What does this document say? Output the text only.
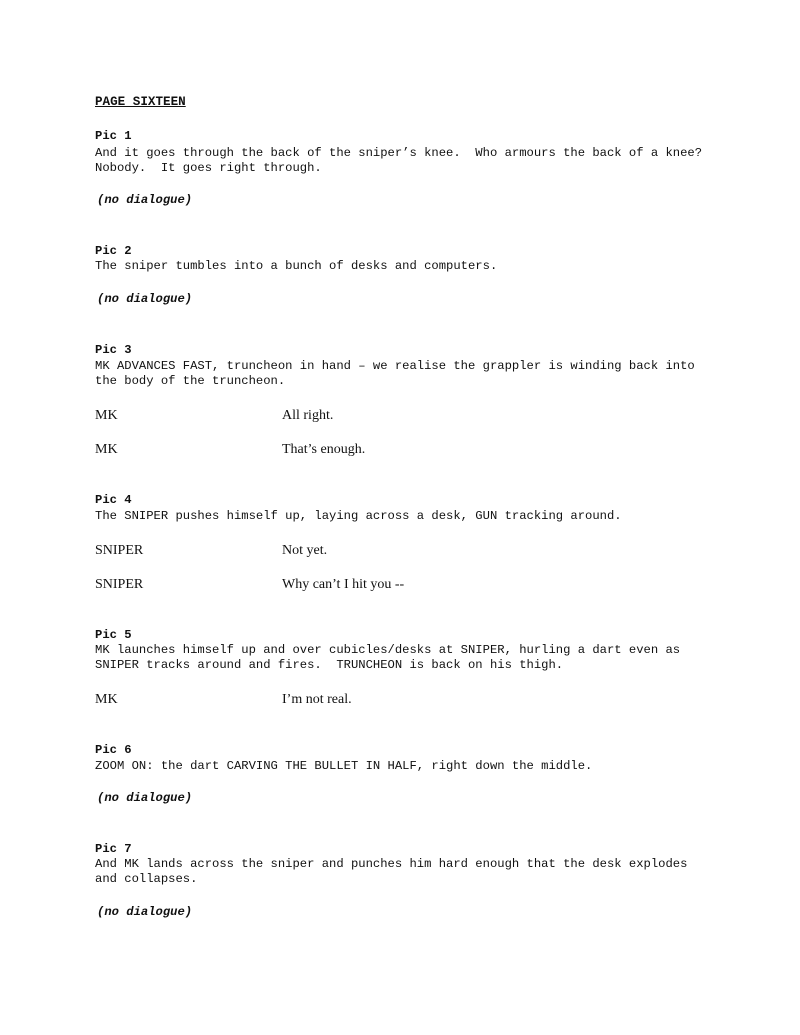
PAGE SIXTEEN
Pic 1
And it goes through the back of the sniper’s knee.  Who armours the back of a knee?
Nobody.  It goes right through.
(no dialogue)
Pic 2
The sniper tumbles into a bunch of desks and computers.
(no dialogue)
Pic 3
MK ADVANCES FAST, truncheon in hand – we realise the grappler is winding back into
the body of the truncheon.
MK	All right.
MK	That’s enough.
Pic 4
The SNIPER pushes himself up, laying across a desk, GUN tracking around.
SNIPER	Not yet.
SNIPER	Why can’t I hit you --
Pic 5
MK launches himself up and over cubicles/desks at SNIPER, hurling a dart even as
SNIPER tracks around and fires.  TRUNCHEON is back on his thigh.
MK	I’m not real.
Pic 6
ZOOM ON: the dart CARVING THE BULLET IN HALF, right down the middle.
(no dialogue)
Pic 7
And MK lands across the sniper and punches him hard enough that the desk explodes
and collapses.
(no dialogue)
